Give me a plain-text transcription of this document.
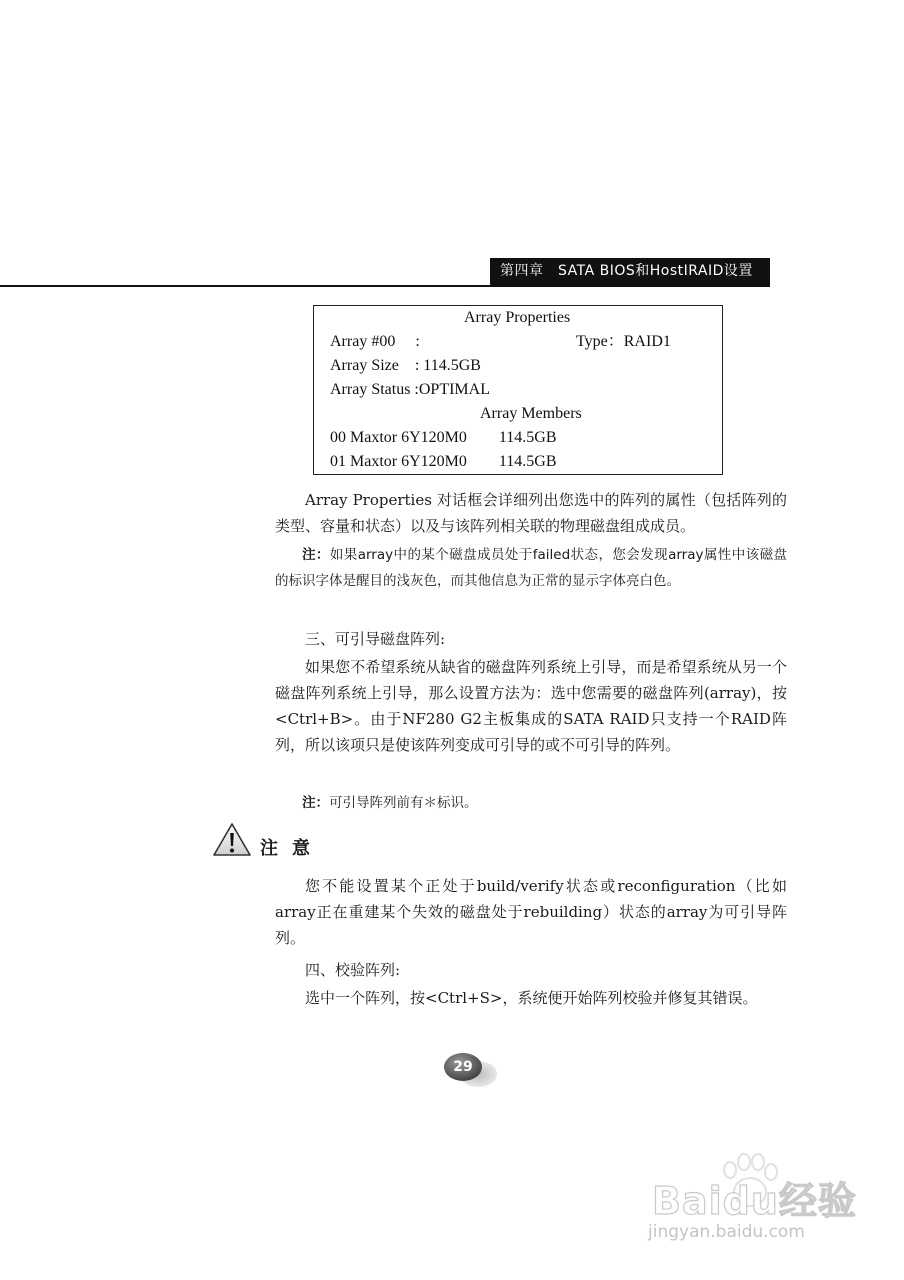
第四章　SATA BIOS和HostIRAID设置
Array Properties
Array #00 　:	Type：RAID1
Array Size　: 114.5GB
Array Status :OPTIMAL
Array Members
00 Maxtor 6Y120M0　　114.5GB
01 Maxtor 6Y120M0　　114.5GB
Array Properties 对话框会详细列出您选中的阵列的属性（包括阵列的类型、容量和状态）以及与该阵列相关联的物理磁盘组成成员。
注：如果array中的某个磁盘成员处于failed状态，您会发现array属性中该磁盘的标识字体是醒目的浅灰色，而其他信息为正常的显示字体亮白色。
三、可引导磁盘阵列:
如果您不希望系统从缺省的磁盘阵列系统上引导，而是希望系统从另一个磁盘阵列系统上引导，那么设置方法为：选中您需要的磁盘阵列(array)，按<Ctrl+B>。由于NF280 G2主板集成的SATA RAID只支持一个RAID阵列，所以该项只是使该阵列变成可引导的或不可引导的阵列。
注：可引导阵列前有＊标识。
注意
您不能设置某个正处于build/verify状态或reconfiguration（比如array正在重建某个失效的磁盘处于rebuilding）状态的array为可引导阵列。
四、校验阵列:
选中一个阵列，按<Ctrl+S>，系统便开始阵列校验并修复其错误。
29
Baidu经验
jingyan.baidu.com
